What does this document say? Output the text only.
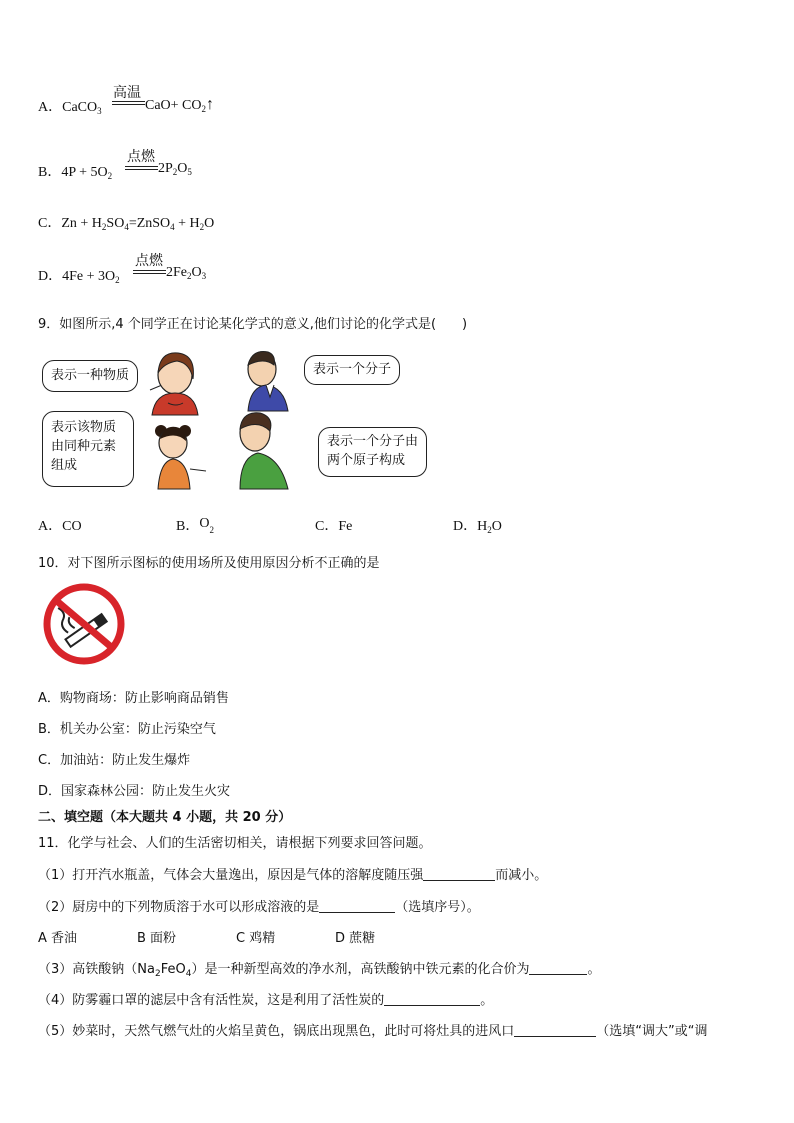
A．CaCO$_3$
高温
$CaO+ CO_2↑$
B．$4P + 5O_2$
点燃
$2P_2O_5$
C．$Zn + H_2SO_4=ZnSO_4 + H_2O$
D．$4Fe + 3O_2$
点燃
$2Fe_2O_3$
9．如图所示,4 个同学正在讨论某化学式的意义,他们讨论的化学式是(　　)
表示一种物质	表示一个分子
表示该物质
由同种元素
组成
表示一个分子由
两个原子构成
A．CO	B．$O_2$	C．Fe	D．$H_2O$
10．对下图所示图标的使用场所及使用原因分析不正确的是
A．购物商场：防止影响商品销售
B．机关办公室：防止污染空气
C．加油站：防止发生爆炸
D．国家森林公园：防止发生火灾
二、填空题（本大题共 4 小题，共 20 分）
11．化学与社会、人们的生活密切相关，请根据下列要求回答问题。
（1）打开汽水瓶盖，气体会大量逸出，原因是气体的溶解度随压强	而减小。
（2）厨房中的下列物质溶于水可以形成溶液的是	（选填序号）。
A 香油	B 面粉	C 鸡精	D 蔗糖
（3）高铁酸钠$(Na_2FeO_4)$是一种新型高效的净水剂，高铁酸钠中铁元素的化合价为	。
（4）防雾霾口罩的滤层中含有活性炭，这是利用了活性炭的	。
（5）妙菜时，天然气燃气灶的火焰呈黄色，锅底出现黑色，此时可将灶具的进风口	（选填“调大”或“调
